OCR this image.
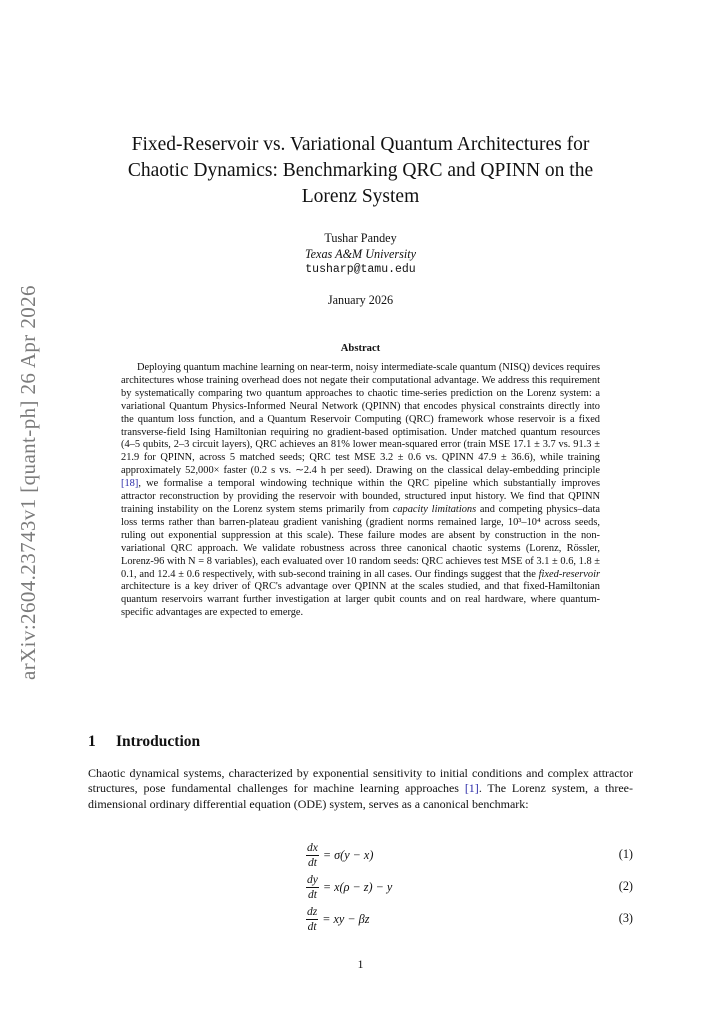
arXiv:2604.23743v1 [quant-ph] 26 Apr 2026
Fixed-Reservoir vs. Variational Quantum Architectures for
Chaotic Dynamics: Benchmarking QRC and QPINN on the
Lorenz System
Tushar Pandey
Texas A&M University
tusharp@tamu.edu
January 2026
Abstract

Deploying quantum machine learning on near-term, noisy intermediate-scale quantum (NISQ) devices requires architectures whose training overhead does not negate their computational advantage. We address this requirement by systematically comparing two quantum approaches to chaotic time-series prediction on the Lorenz system: a variational Quantum Physics-Informed Neural Network (QPINN) that encodes physical constraints directly into the quantum loss function, and a Quantum Reservoir Computing (QRC) framework whose reservoir is a fixed transverse-field Ising Hamiltonian requiring no gradient-based optimisation. Under matched quantum resources (4–5 qubits, 2–3 circuit layers), QRC achieves an 81% lower mean-squared error (train MSE 17.1 ± 3.7 vs. 91.3 ± 21.9 for QPINN, across 5 matched seeds; QRC test MSE 3.2 ± 0.6 vs. QPINN 47.9 ± 36.6), while training approximately 52,000× faster (0.2 s vs. ∼2.4 h per seed). Drawing on the classical delay-embedding principle [18], we formalise a temporal windowing technique within the QRC pipeline which substantially improves attractor reconstruction by providing the reservoir with bounded, structured input history. We find that QPINN training instability on the Lorenz system stems primarily from capacity limitations and competing physics–data loss terms rather than barren-plateau gradient vanishing (gradient norms remained large, 10³–10⁴ across seeds, ruling out exponential suppression at this scale). These failure modes are absent by construction in the non-variational QRC approach. We validate robustness across three canonical chaotic systems (Lorenz, Rössler, Lorenz-96 with N = 8 variables), each evaluated over 10 random seeds: QRC achieves test MSE of 3.1 ± 0.6, 1.8 ± 0.1, and 12.4 ± 0.6 respectively, with sub-second training in all cases. Our findings suggest that the fixed-reservoir architecture is a key driver of QRC's advantage over QPINN at the scales studied, and that fixed-Hamiltonian quantum reservoirs warrant further investigation at larger qubit counts and on real hardware, where quantum-specific advantages are expected to emerge.

1 Introduction

Chaotic dynamical systems, characterized by exponential sensitivity to initial conditions and complex attractor structures, pose fundamental challenges for machine learning approaches [1]. The Lorenz system, a three-dimensional ordinary differential equation (ODE) system, serves as a canonical benchmark:

$\frac{dx}{dt} = \sigma(y - x)$	(1)
$\frac{dy}{dt} = x(\rho - z) - y$	(2)
$\frac{dz}{dt}$ = xy − βz	(3)
1
